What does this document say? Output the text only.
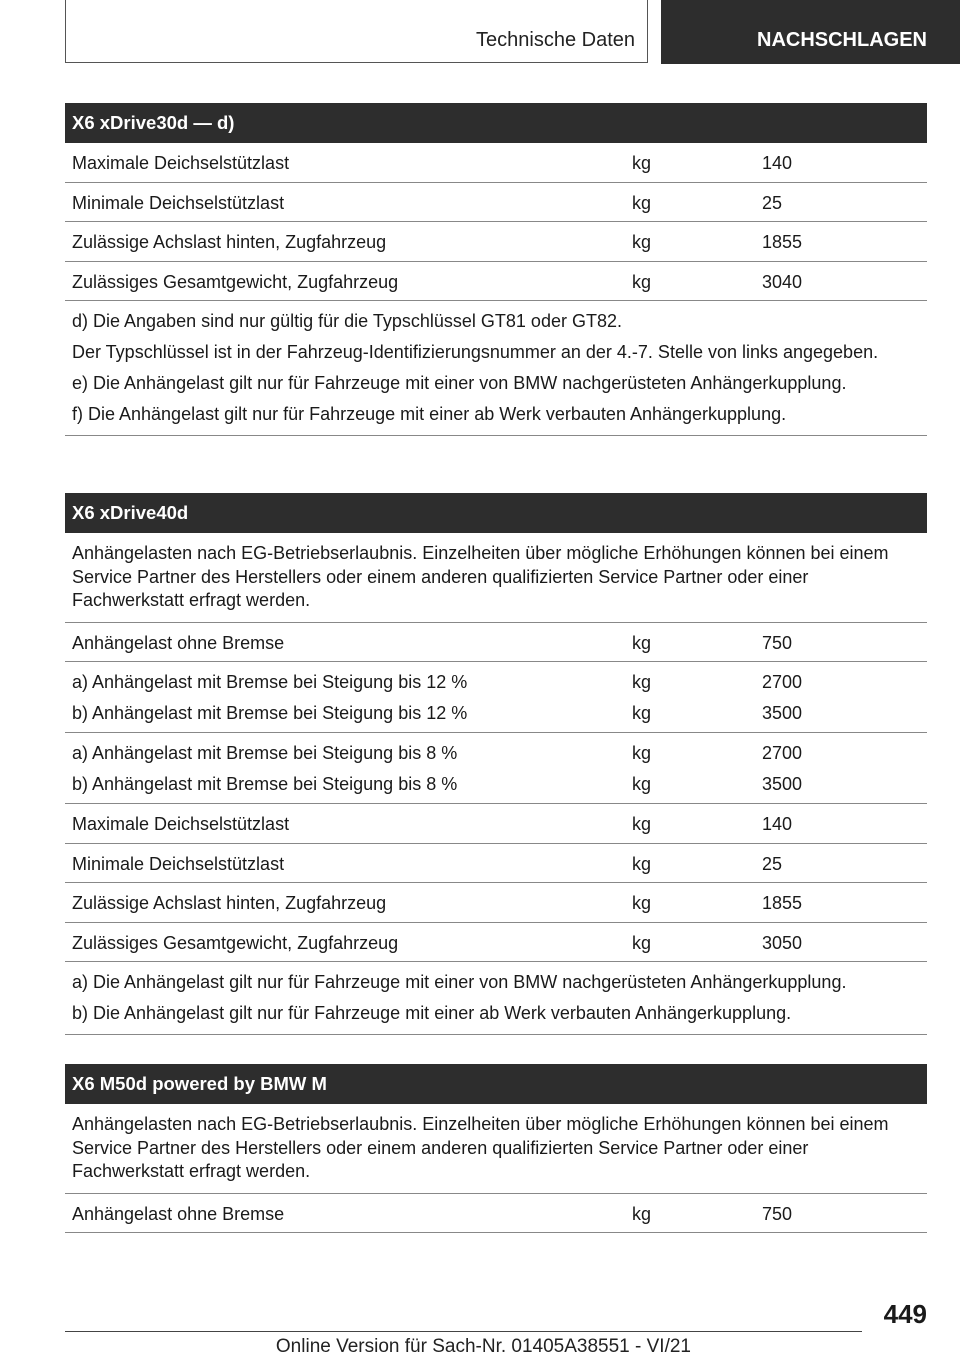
Technische Daten	NACHSCHLAGEN
X6 xDrive30d — d)
Maximale Deichselstützlast	kg	140
Minimale Deichselstützlast	kg	25
Zulässige Achslast hinten, Zugfahrzeug	kg	1855
Zulässiges Gesamtgewicht, Zugfahrzeug	kg	3040

d) Die Angaben sind nur gültig für die Typschlüssel GT81 oder GT82.

Der Typschlüssel ist in der Fahrzeug-Identifizierungsnummer an der 4.-7. Stelle von links angegeben.

e) Die Anhängelast gilt nur für Fahrzeuge mit einer von BMW nachgerüsteten Anhängerkupplung.

f) Die Anhängelast gilt nur für Fahrzeuge mit einer ab Werk verbauten Anhängerkupplung.

X6 xDrive40d
Anhängelasten nach EG-Betriebserlaubnis. Einzelheiten über mögliche Erhöhungen können bei einem Service Partner des Herstellers oder einem anderen qualifizierten Service Partner oder einer Fachwerkstatt erfragt werden.
Anhängelast ohne Bremse	kg	750
a) Anhängelast mit Bremse bei Steigung bis 12 %	kg	2700
b) Anhängelast mit Bremse bei Steigung bis 12 %	kg	3500
a) Anhängelast mit Bremse bei Steigung bis 8 %	kg	2700
b) Anhängelast mit Bremse bei Steigung bis 8 %	kg	3500
Maximale Deichselstützlast	kg	140
Minimale Deichselstützlast	kg	25
Zulässige Achslast hinten, Zugfahrzeug	kg	1855
Zulässiges Gesamtgewicht, Zugfahrzeug	kg	3050

a) Die Anhängelast gilt nur für Fahrzeuge mit einer von BMW nachgerüsteten Anhängerkupplung.

b) Die Anhängelast gilt nur für Fahrzeuge mit einer ab Werk verbauten Anhängerkupplung.

X6 M50d powered by BMW M
Anhängelasten nach EG-Betriebserlaubnis. Einzelheiten über mögliche Erhöhungen können bei einem Service Partner des Herstellers oder einem anderen qualifizierten Service Partner oder einer Fachwerkstatt erfragt werden.
Anhängelast ohne Bremse	kg	750
449
Online Version für Sach-Nr. 01405A38551 - VI/21
